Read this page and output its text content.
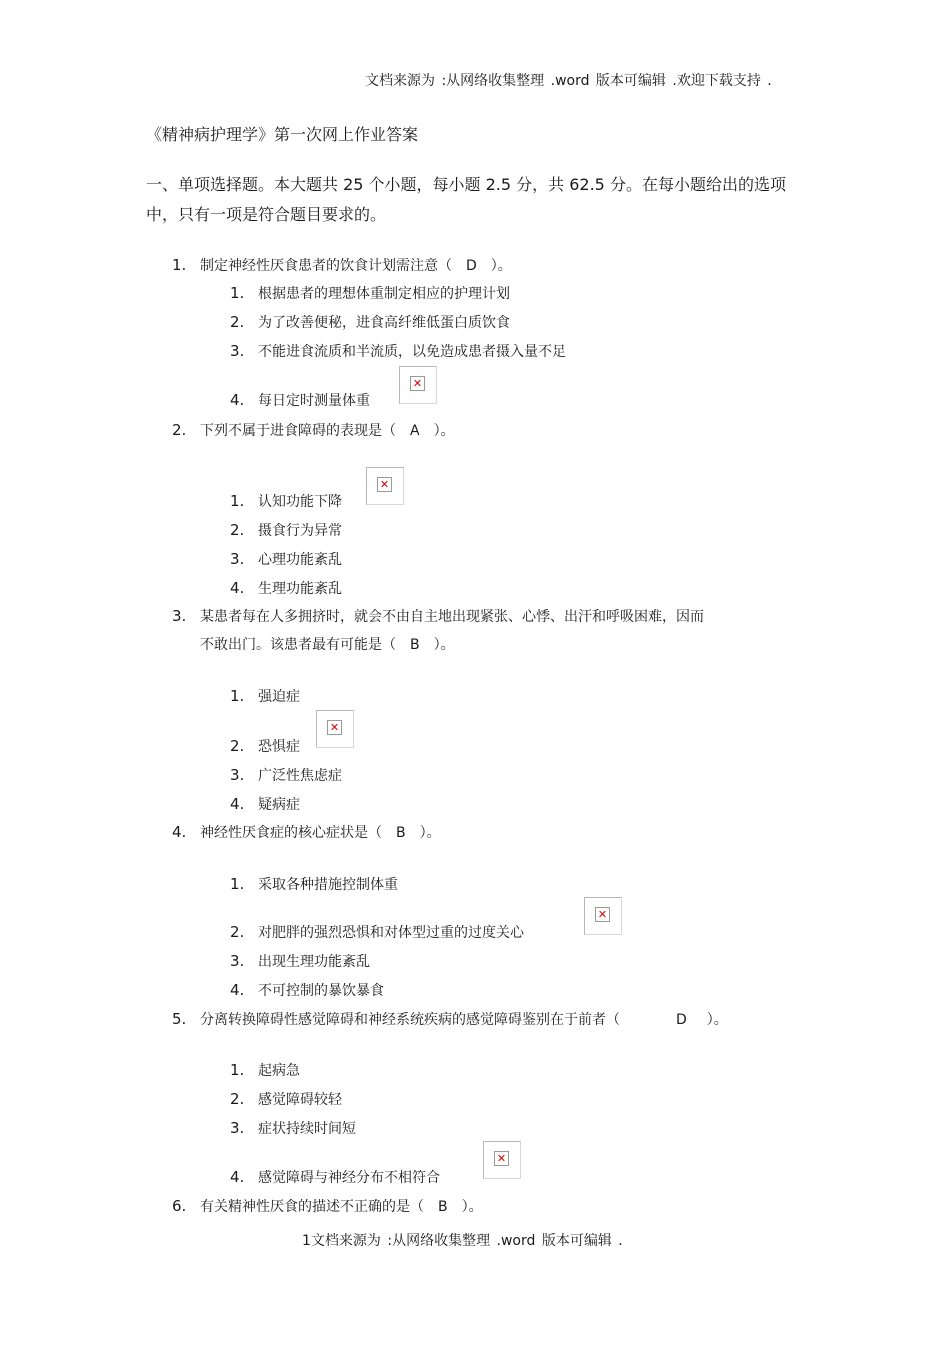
文档来源为 :从网络收集整理 .word 版本可编辑 .欢迎下载支持 .
《精神病护理学》第一次网上作业答案
一、单项选择题。本大题共 25 个小题，每小题 2.5 分，共 62.5 分。在每小题给出的选项中，只有一项是符合题目要求的。
1. 制定神经性厌食患者的饮食计划需注意（ D ）。
1. 根据患者的理想体重制定相应的护理计划
2. 为了改善便秘，进食高纤维低蛋白质饮食
3. 不能进食流质和半流质，以免造成患者摄入量不足
4. 每日定时测量体重
✕
2. 下列不属于进食障碍的表现是（ A ）。
✕
1. 认知功能下降
2. 摄食行为异常
3. 心理功能紊乱
4. 生理功能紊乱
3. 某患者每在人多拥挤时，就会不由自主地出现紧张、心悸、出汗和呼吸困难，因而
不敢出门。该患者最有可能是（ B ）。
1. 强迫症
✕
2. 恐惧症
3. 广泛性焦虑症
4. 疑病症
4. 神经性厌食症的核心症状是（ B ）。
1. 采取各种措施控制体重
✕
2. 对肥胖的强烈恐惧和对体型过重的过度关心
3. 出现生理功能紊乱
4. 不可控制的暴饮暴食
5. 分离转换障碍性感觉障碍和神经系统疾病的感觉障碍鉴别在于前者（	D ）。
1. 起病急
2. 感觉障碍较轻
3. 症状持续时间短
✕
4. 感觉障碍与神经分布不相符合
6. 有关精神性厌食的描述不正确的是（ B ）。
1文档来源为 :从网络收集整理 .word 版本可编辑 .
